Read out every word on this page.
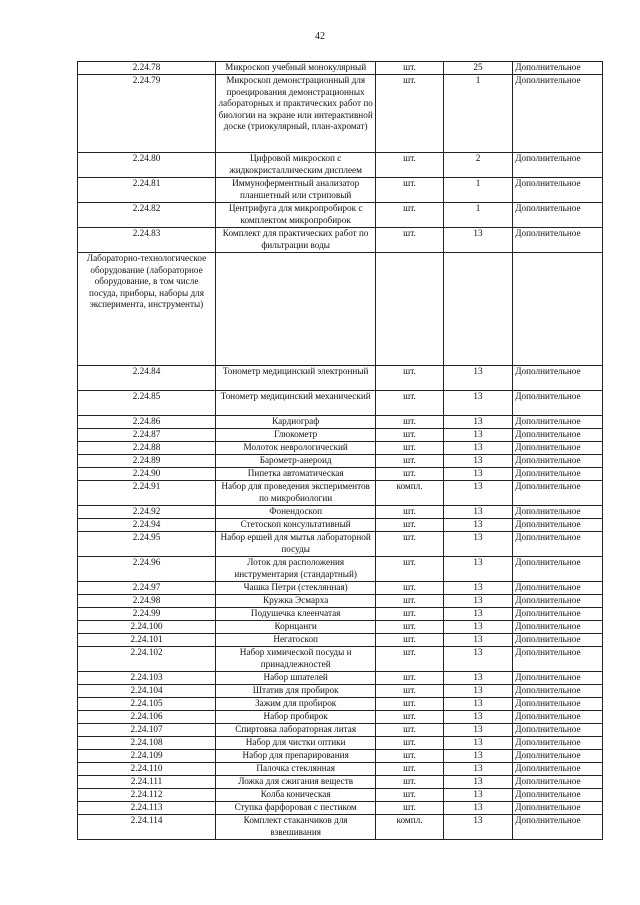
42
2.24.78	Микроскоп учебный монокулярный	шт.	25	Дополнительное
2.24.79	Микроскоп демонстрационный для проецирования демонстрационных лабораторных и практических работ по биологии на экране или интерактивной доске (триокулярный, план-ахромат)	шт.	1	Дополнительное
2.24.80	Цифровой микроскоп с жидкокристаллическим дисплеем	шт.	2	Дополнительное
2.24.81	Иммуноферментный анализатор планшетный или стриповый	шт.	1	Дополнительное
2.24.82	Центрифуга для микропробирок с комплектом микропробирок	шт.	1	Дополнительное
2.24.83	Комплект для практических работ по фильтрации воды	шт.	13	Дополнительное
Лабораторно-технологическое оборудование (лабораторное оборудование, в том числе посуда, приборы, наборы для эксперимента, инструменты)				
2.24.84	Тонометр медицинский электронный	шт.	13	Дополнительное
2.24.85	Тонометр медицинский механический	шт.	13	Дополнительное
2.24.86	Кардиограф	шт.	13	Дополнительное
2.24.87	Глюкометр	шт.	13	Дополнительное
2.24.88	Молоток неврологический	шт.	13	Дополнительное
2.24.89	Барометр-анероид	шт.	13	Дополнительное
2.24.90	Пипетка автоматическая	шт.	13	Дополнительное
2.24.91	Набор для проведения экспериментов по микробиологии	компл.	13	Дополнительное
2.24.92	Фонендоскоп	шт.	13	Дополнительное
2.24.94	Стетоскоп консультативный	шт.	13	Дополнительное
2.24.95	Набор ершей для мытья лабораторной посуды	шт.	13	Дополнительное
2.24.96	Лоток для расположения инструментария (стандартный)	шт.	13	Дополнительное
2.24.97	Чашка Петри (стеклянная)	шт.	13	Дополнительное
2.24.98	Кружка Эсмарха	шт.	13	Дополнительное
2.24.99	Подушечка клеенчатая	шт.	13	Дополнительное
2.24.100	Корнцанги	шт.	13	Дополнительное
2.24.101	Негатоскоп	шт.	13	Дополнительное
2.24.102	Набор химической посуды и принадлежностей	шт.	13	Дополнительное
2.24.103	Набор шпателей	шт.	13	Дополнительное
2.24.104	Штатив для пробирок	шт.	13	Дополнительное
2.24.105	Зажим для пробирок	шт.	13	Дополнительное
2.24.106	Набор пробирок	шт.	13	Дополнительное
2.24.107	Спиртовка лабораторная литая	шт.	13	Дополнительное
2.24.108	Набор для чистки оптики	шт.	13	Дополнительное
2.24.109	Набор для препарирования	шт.	13	Дополнительное
2.24.110	Палочка стеклянная	шт.	13	Дополнительное
2.24.111	Ложка для сжигания веществ	шт.	13	Дополнительное
2.24.112	Колба коническая	шт.	13	Дополнительное
2.24.113	Ступка фарфоровая с пестиком	шт.	13	Дополнительное
2.24.114	Комплект стаканчиков для взвешивания	компл.	13	Дополнительное
